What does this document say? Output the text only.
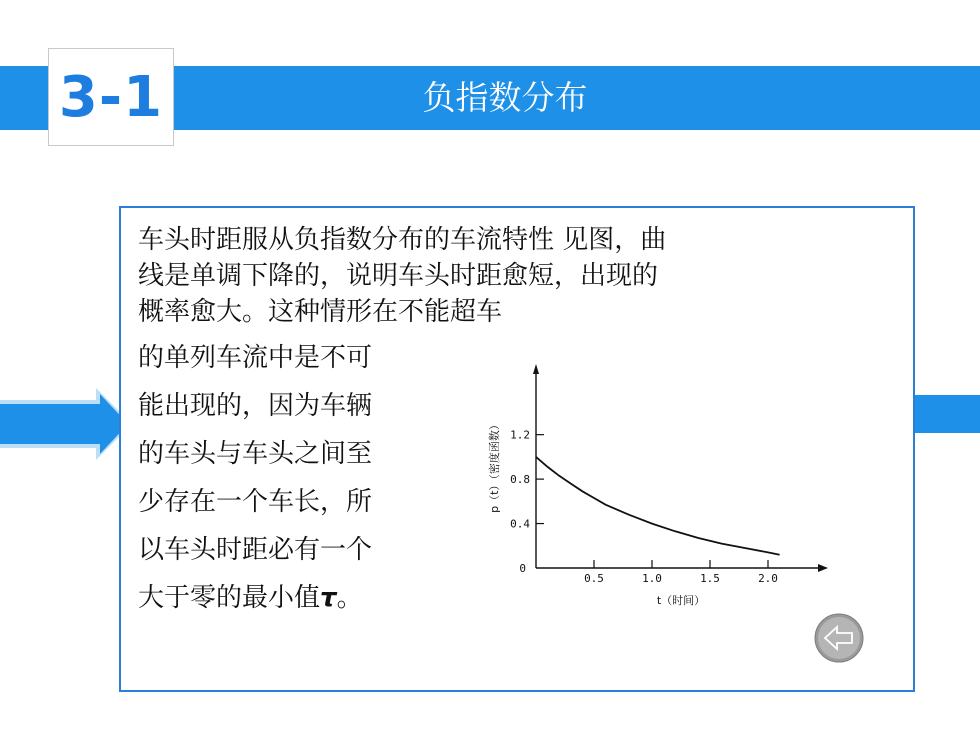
负指数分布
3-1
车头时距服从负指数分布的车流特性 见图，曲
线是单调下降的，说明车头时距愈短，出现的
概率愈大。这种情形在不能超车
的单列车流中是不可
能出现的，因为车辆
的车头与车头之间至
少存在一个车长，所
以车头时距必有一个
大于零的最小值τ。
0.5	1.0	1.5	2.0
1.2
0.8
0.4
0
t（时间）
p（t）（密度函数）
